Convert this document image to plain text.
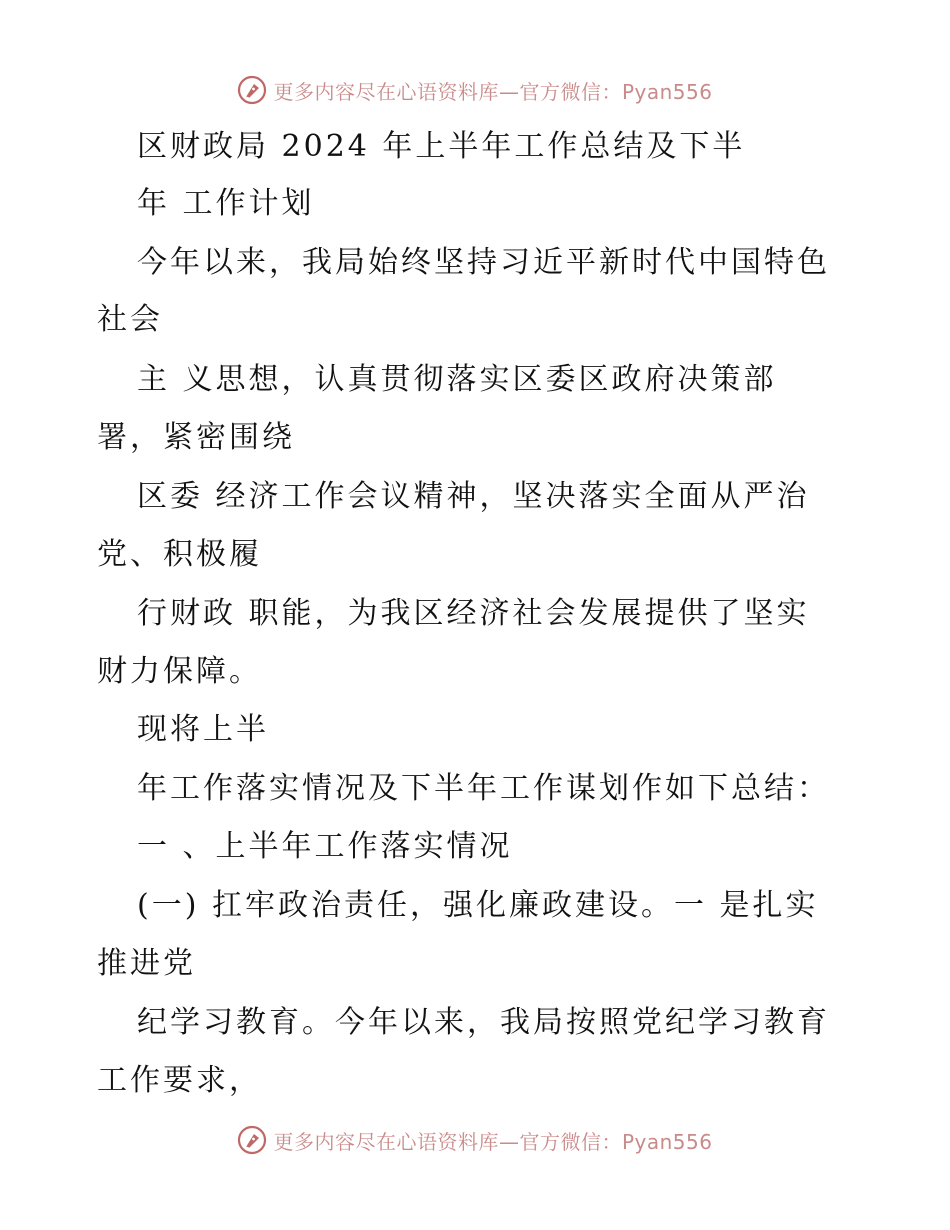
更多内容尽在心语资料库—官方微信：Pyan556
区财政局 2024 年上半年工作总结及下半
年 工作计划
今年以来，我局始终坚持习近平新时代中国特色
社会
主 义思想，认真贯彻落实区委区政府决策部
署，紧密围绕
区委 经济工作会议精神，坚决落实全面从严治
党、积极履
行财政 职能，为我区经济社会发展提供了坚实
财力保障。
现将上半
年工作落实情况及下半年工作谋划作如下总结：
一 、上半年工作落实情况
(一) 扛牢政治责任，强化廉政建设。一 是扎实
推进党
纪学习教育。今年以来，我局按照党纪学习教育
工作要求，
更多内容尽在心语资料库—官方微信：Pyan556
